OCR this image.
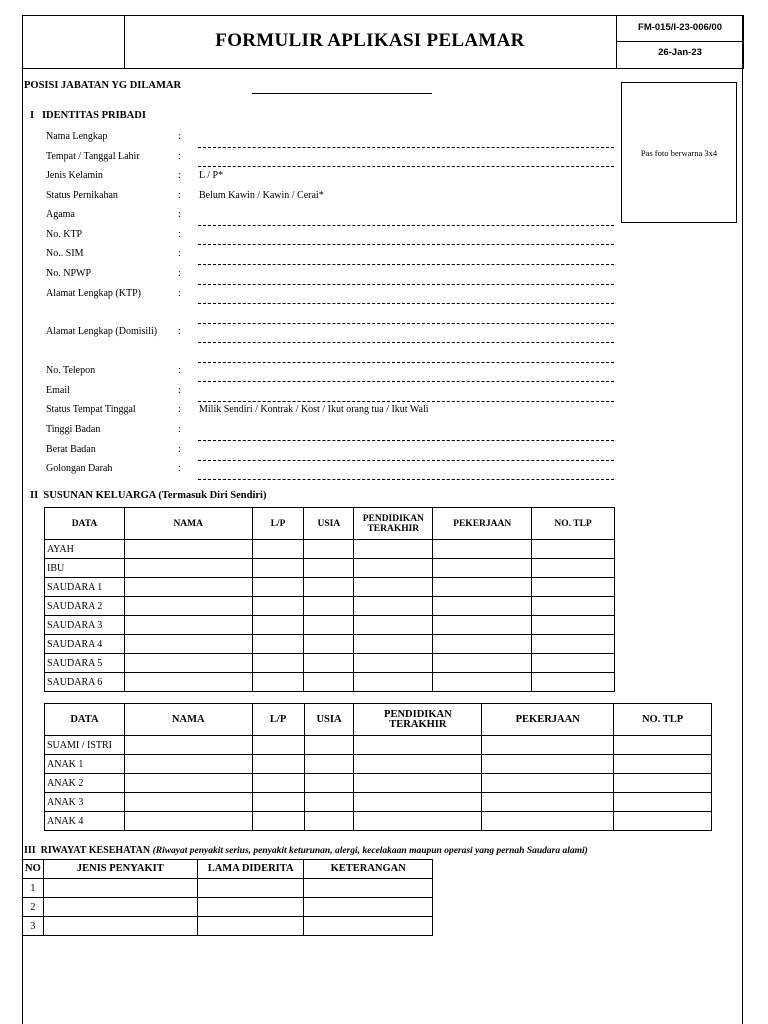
FORMULIR APLIKASI PELAMAR
FM-015/I-23-006/00
26-Jan-23
POSISI JABATAN YG DILAMAR
Pas foto berwarna 3x4
I   IDENTITAS PRIBADI
Nama Lengkap	:
Tempat / Tanggal Lahir	:
Jenis Kelamin	: L / P*
Status Pernikahan	: Belum Kawin / Kawin / Cerai*
Agama	:
No. KTP	:
No.. SIM	:
No. NPWP	:
Alamat Lengkap (KTP)	:
Alamat Lengkap (Domisili) :
No. Telepon	:
Email	:
Status Tempat Tinggal	: Milik Sendiri / Kontrak / Kost / Ikut orang tua / Ikut Wali
Tinggi Badan	:
Berat Badan	:
Golongan Darah	:
II  SUSUNAN KELUARGA (Termasuk Diri Sendiri)
DATA	NAMA	L/P	USIA	PENDIDIKAN TERAKHIR	PEKERJAAN	NO. TLP
AYAH						
IBU						
SAUDARA 1						
SAUDARA 2						
SAUDARA 3						
SAUDARA 4						
SAUDARA 5						
SAUDARA 6						
DATA	NAMA	L/P	USIA	PENDIDIKAN TERAKHIR	PEKERJAAN	NO. TLP
SUAMI / ISTRI						
ANAK 1						
ANAK 2						
ANAK 3						
ANAK 4						
III  RIWAYAT KESEHATAN (Riwayat penyakit serius, penyakit keturunan, alergi, kecelakaan maupun operasi yang pernah Saudara alami)
NO	JENIS PENYAKIT	LAMA DIDERITA	KETERANGAN
1			
2			
3			
